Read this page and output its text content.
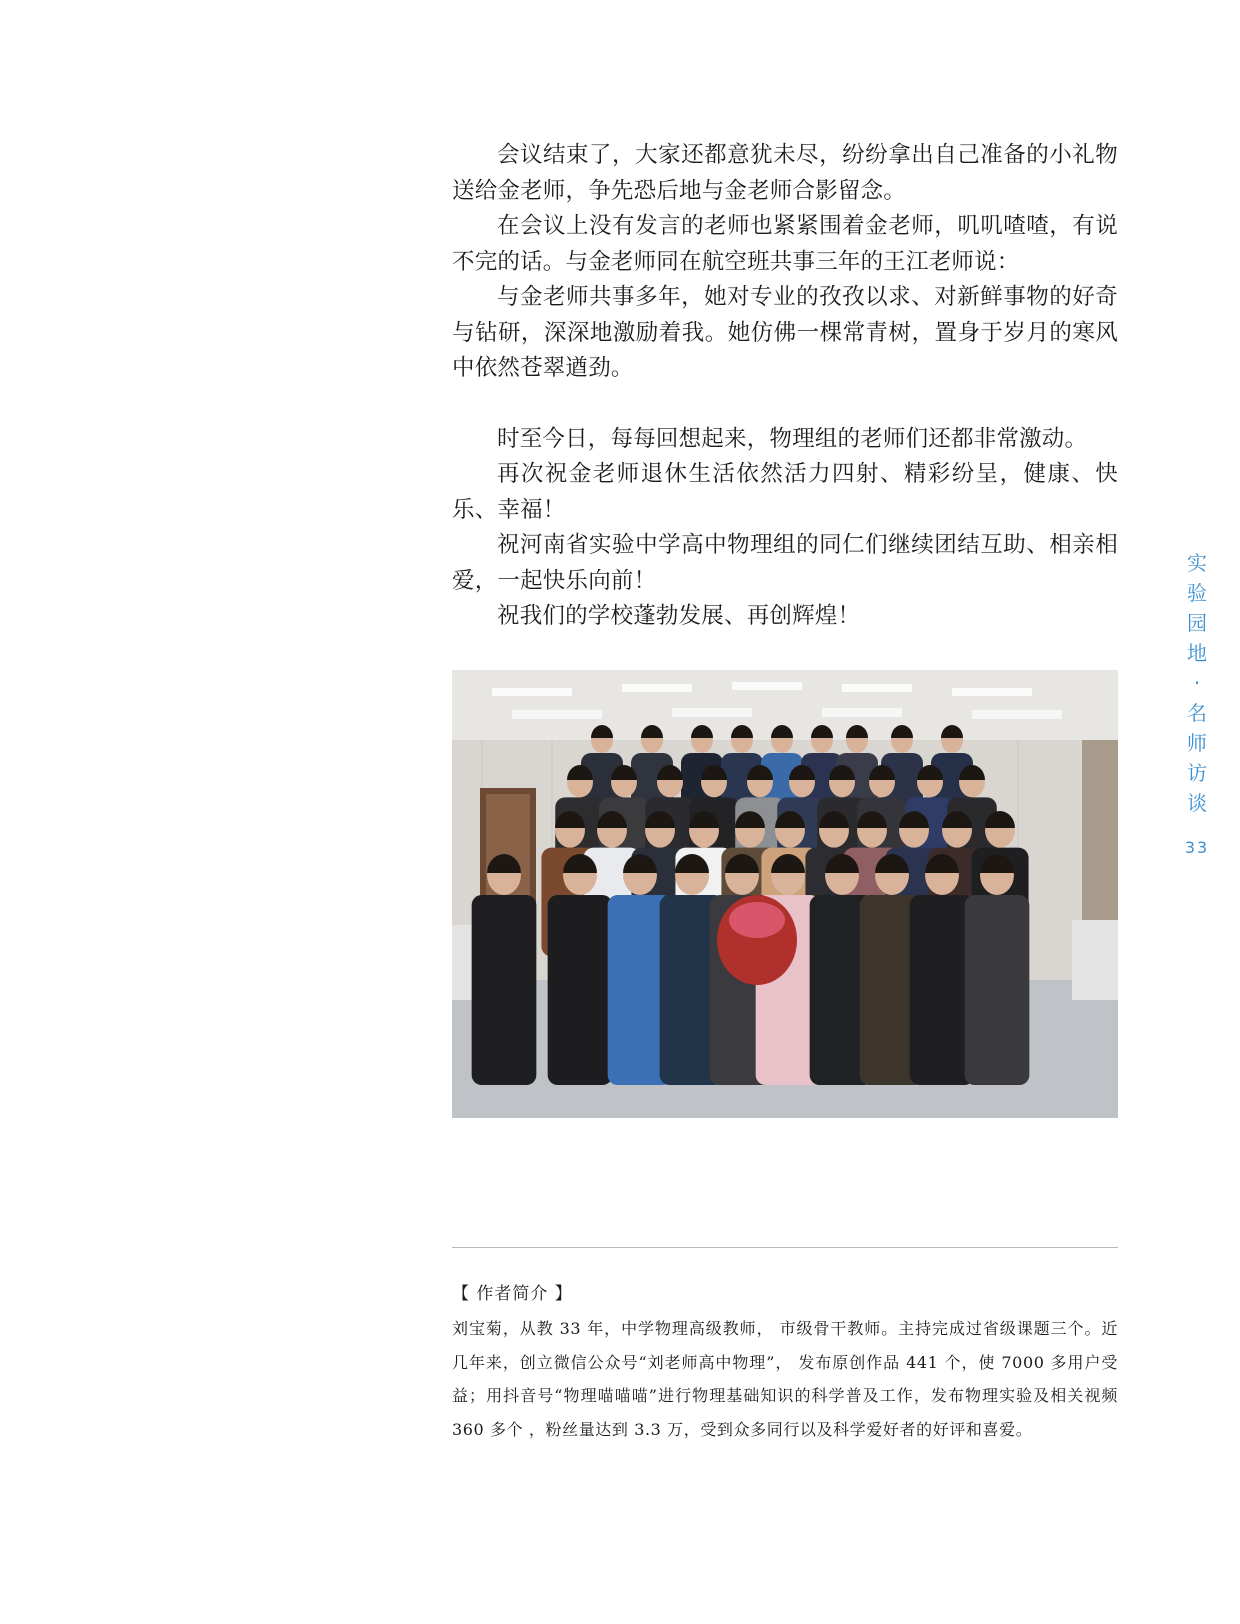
会议结束了，大家还都意犹未尽，纷纷拿出自己准备的小礼物送给金老师，争先恐后地与金老师合影留念。

在会议上没有发言的老师也紧紧围着金老师，叽叽喳喳，有说不完的话。与金老师同在航空班共事三年的王江老师说：

与金老师共事多年，她对专业的孜孜以求、对新鲜事物的好奇与钻研，深深地激励着我。她仿佛一棵常青树，置身于岁月的寒风中依然苍翠遒劲。

时至今日，每每回想起来，物理组的老师们还都非常激动。

再次祝金老师退休生活依然活力四射、精彩纷呈，健康、快乐、幸福！

祝河南省实验中学高中物理组的同仁们继续团结互助、相亲相爱，一起快乐向前！

祝我们的学校蓬勃发展、再创辉煌！

【 作者简介 】

刘宝菊，从教 33 年，中学物理高级教师， 市级骨干教师。主持完成过省级课题三个。近几年来，创立微信公众号“刘老师高中物理”， 发布原创作品 441 个，使 7000 多用户受益；用抖音号“物理喵喵喵”进行物理基础知识的科学普及工作，发布物理实验及相关视频 360 多个 ，粉丝量达到 3.3 万，受到众多同行以及科学爱好者的好评和喜爱。

实
验
园
地
·
名
师
访
谈
33
